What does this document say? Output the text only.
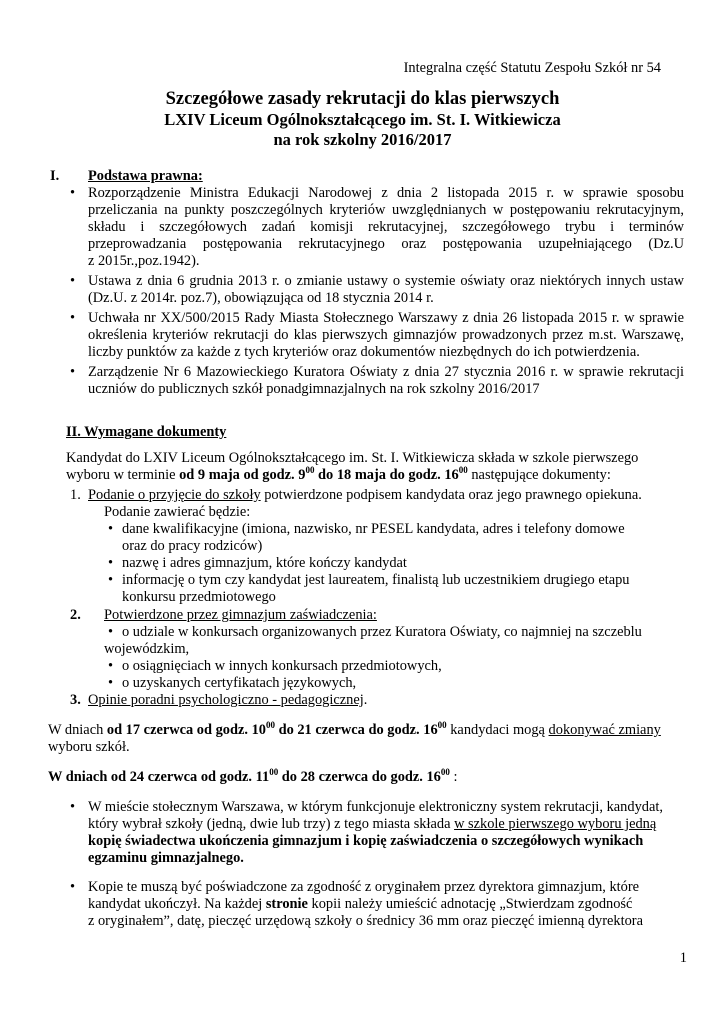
Integralna część Statutu Zespołu Szkół nr 54
Szczegółowe zasady rekrutacji do klas pierwszych
LXIV Liceum Ogólnokształcącego im. St. I. Witkiewicza
na rok szkolny 2016/2017
I. Podstawa prawna:
• Rozporządzenie Ministra Edukacji Narodowej z dnia 2 listopada 2015 r. w sprawie sposobu
przeliczania na punkty poszczególnych kryteriów uwzględnianych w postępowaniu rekrutacyjnym,
składu i szczegółowych zadań komisji rekrutacyjnej, szczegółowego trybu i terminów
przeprowadzania postępowania rekrutacyjnego oraz postępowania uzupełniającego (Dz.U
z 2015r.,poz.1942).
• Ustawa z dnia 6 grudnia 2013 r. o zmianie ustawy o systemie oświaty oraz niektórych innych ustaw
(Dz.U. z 2014r. poz.7), obowiązująca od 18 stycznia 2014 r.
• Uchwała nr XX/500/2015 Rady Miasta Stołecznego Warszawy z dnia 26 listopada 2015 r. w sprawie
określenia kryteriów rekrutacji do klas pierwszych gimnazjów prowadzonych przez m.st. Warszawę,
liczby punktów za każde z tych kryteriów oraz dokumentów niezbędnych do ich potwierdzenia.
• Zarządzenie Nr 6 Mazowieckiego Kuratora Oświaty z dnia 27 stycznia 2016 r. w sprawie rekrutacji
uczniów do publicznych szkół ponadgimnazjalnych na rok szkolny 2016/2017
II. Wymagane dokumenty
Kandydat do LXIV Liceum Ogólnokształcącego im. St. I. Witkiewicza składa w szkole pierwszego
wyboru w terminie od 9 maja od godz. $9^{00}$ do 18 maja do godz. $16^{00}$ następujące dokumenty:
1. Podanie o przyjęcie do szkoły potwierdzone podpisem kandydata oraz jego prawnego opiekuna.
Podanie zawierać będzie:
• dane kwalifikacyjne (imiona, nazwisko, nr PESEL kandydata, adres i telefony domowe
oraz do pracy rodziców)
• nazwę i adres gimnazjum, które kończy kandydat
• informację o tym czy kandydat jest laureatem, finalistą lub uczestnikiem drugiego etapu
konkursu przedmiotowego
2. Potwierdzone przez gimnazjum zaświadczenia:
• o udziale w konkursach organizowanych przez Kuratora Oświaty, co najmniej na szczeblu
wojewódzkim,
• o osiągnięciach w innych konkursach przedmiotowych,
• o uzyskanych certyfikatach językowych,
3. Opinie poradni psychologiczno - pedagogicznej.
W dniach od 17 czerwca od godz. $10^{00}$ do 21 czerwca do godz. $16^{00}$ kandydaci mogą dokonywać zmiany
wyboru szkół.
W dniach od 24 czerwca od godz. $11^{00}$ do 28 czerwca do godz. $16^{00}$ :
• W mieście stołecznym Warszawa, w którym funkcjonuje elektroniczny system rekrutacji, kandydat,
który wybrał szkoły (jedną, dwie lub trzy) z tego miasta składa w szkole pierwszego wyboru jedną
kopię świadectwa ukończenia gimnazjum i kopię zaświadczenia o szczegółowych wynikach
egzaminu gimnazjalnego.
• Kopie te muszą być poświadczone za zgodność z oryginałem przez dyrektora gimnazjum, które
kandydat ukończył. Na każdej stronie kopii należy umieścić adnotację „Stwierdzam zgodność
z oryginałem”, datę, pieczęć urzędową szkoły o średnicy 36 mm oraz pieczęć imienną dyrektora
1
